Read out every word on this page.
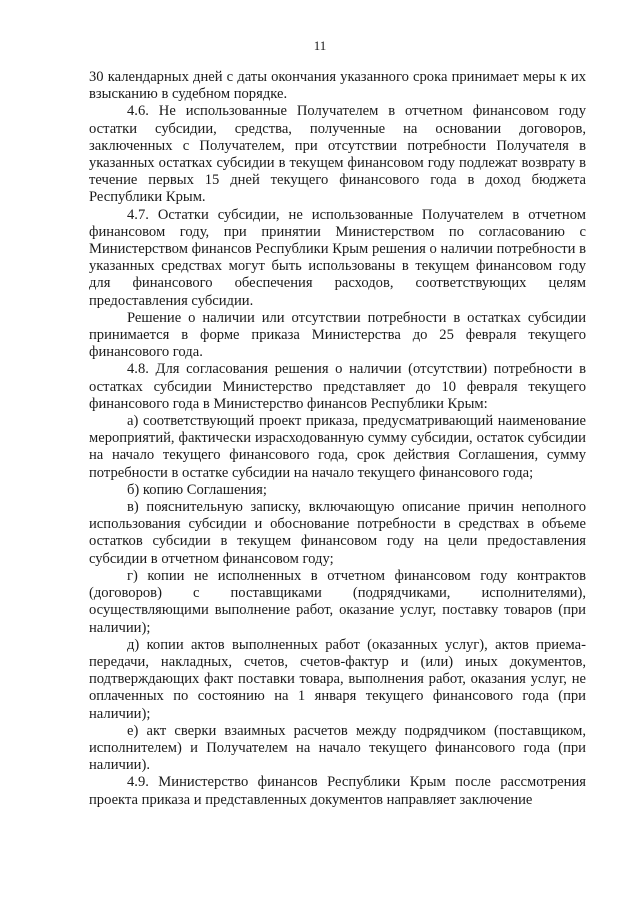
11

30 календарных дней с даты окончания указанного срока принимает меры к их взысканию в судебном порядке.

4.6. Не использованные Получателем в отчетном финансовом году остатки субсидии, средства, полученные на основании договоров, заключенных с Получателем, при отсутствии потребности Получателя в указанных остатках субсидии в текущем финансовом году подлежат возврату в течение первых 15 дней текущего финансового года в доход бюджета Республики Крым.

4.7. Остатки субсидии, не использованные Получателем в отчетном финансовом году, при принятии Министерством по согласованию с Министерством финансов Республики Крым решения о наличии потребности в указанных средствах могут быть использованы в текущем финансовом году для финансового обеспечения расходов, соответствующих целям предоставления субсидии.

Решение о наличии или отсутствии потребности в остатках субсидии принимается в форме приказа Министерства до 25 февраля текущего финансового года.

4.8. Для согласования решения о наличии (отсутствии) потребности в остатках субсидии Министерство представляет до 10 февраля текущего финансового года в Министерство финансов Республики Крым:

а) соответствующий проект приказа, предусматривающий наименование мероприятий, фактически израсходованную сумму субсидии, остаток субсидии на начало текущего финансового года, срок действия Соглашения, сумму потребности в остатке субсидии на начало текущего финансового года;

б) копию Соглашения;

в) пояснительную записку, включающую описание причин неполного использования субсидии и обоснование потребности в средствах в объеме остатков субсидии в текущем финансовом году на цели предоставления субсидии в отчетном финансовом году;

г) копии не исполненных в отчетном финансовом году контрактов (договоров) с поставщиками (подрядчиками, исполнителями), осуществляющими выполнение работ, оказание услуг, поставку товаров (при наличии);

д) копии актов выполненных работ (оказанных услуг), актов приема-передачи, накладных, счетов, счетов-фактур и (или) иных документов, подтверждающих факт поставки товара, выполнения работ, оказания услуг, не оплаченных по состоянию на 1 января текущего финансового года (при наличии);

е) акт сверки взаимных расчетов между подрядчиком (поставщиком, исполнителем) и Получателем на начало текущего финансового года (при наличии).

4.9. Министерство финансов Республики Крым после рассмотрения проекта приказа и представленных документов направляет заключение
